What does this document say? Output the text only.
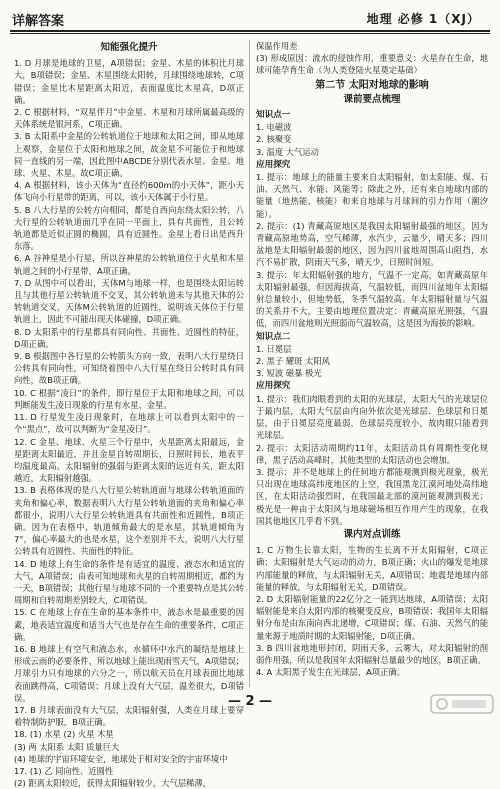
详解答案	地理 必修 1（XJ）
知能强化提升

1. D 月球是地球的卫星，A项错误；金星、木星的体积比月球大，B项错误；金星、木星围绕太阳转，月球围绕地球转，C项错误；金星比木星距离太阳近，表面温度比木星高，D项正确。

2. C 根据材料，“双星伴月”中金星、木星和月球所属最高级的天体系统是银河系，C项正确。

3. B 太阳系中金星的公转轨道位于地球和太阳之间，即从地球上观察，金星位于太阳和地球之间，故金星不可能位于和地球同一直线的另一端，因此图中ABCDE分别代表水星、金星、地球、火星、木星。故C项正确。

4. A 根据材料，该小天体为“直径约600m的小天体”，距小天体飞向小行星带的距离，可以，该小天体属于小行星。

5. B 八大行星的公转方向相同，都是自西向东绕太阳公转，八大行星的公转轨道面几乎在同一平面上，具有共面性，且公转轨道都是近似正圆的椭圆，具有近圆性。金星上看日出是西升东落。

6. A 谷神星是小行星，所以谷神星的公转轨道位于火星和木星轨道之间的小行星带，A项正确。

7. D 从图中可以看出，天体M与地球一样，也是围绕太阳运转且与其他行星公转轨道不交叉，其公转轨道未与其他天体的公转轨道交叉，天体M公转轨道的近圆性，说明该天体位于行星轨道上，因此不可能出现天体碰撞，D项正确。

8. D 太阳系中的行星都具有同向性、共面性、近圆性的特征，D项正确。

9. B 根据图中各行星的公转箭头方向一致，表明八大行星绕日公转具有同向性，可知绕着图中八大行星在绕日公转时具有同向性，故B项正确。

10. C 根据“凌日”的条件，即行星位于太阳和地球之间，可以判断能发生凌日现象的行星有水星、金星。

11. D 行星发生凌日现象时，在地球上可以看到太阳中的一个“黑点”，故可以判断为“金星凌日”。

12. C 金星、地球、火星三个行星中，火星距离太阳最远，金星距离太阳最近，并且金星自转周期长，日照时间长，地表平均温度最高。太阳辐射的强弱与距离太阳的远近有关，距太阳越近，太阳辐射越强。

13. B 表格体现的是八大行星公转轨道面与地球公转轨道面的夹角和偏心率，数据表明八大行星公转轨道面的夹角和偏心率都很小，说明八大行星公转轨道具有共面性和近圆性，B项正确。因为在表格中，轨道倾角最大的是水星，其轨道倾角为7°，偏心率最大的也是水星，这个差别并不大，说明八大行星公转具有近圆性、共面性的特征。

14. D 地球上有生命的条件是有适宜的温度、液态水和适宜的大气，A项错误；由表可知地球和火星的自转周期相近，都约为一天，B项错误；其他行星与地球不同的一个重要特点是其公转周期和自转周期差别较大，C项错误。

15. C 在地球上存在生命的基本条件中，液态水是最重要的因素，地表适宜温度和适当大气也是存在生命的重要条件，C项正确。

16. B 地球上有空气和液态水，水循环中水汽的凝结是地球上形成云雨的必要条件，所以地球上能出现雨雪天气，A项错误；月球引力只有地球的六分之一，所以航天员在月球表面比地球表面跳得高，C项错误；月球上没有大气层，温差很大，D项错误。

17. B 月球表面没有大气层，太阳辐射强，人类在月球上要穿着特制防护服，B项正确。

18. (1) 水星 (2) 火星 木星

(3) 两 太阳系 太阳 质量巨大

(4) 地球的宇宙环境安全，地球处于相对安全的宇宙环境中

17. (1) 乙 同向性、近圆性

(2) 距离太阳较近，获得太阳辐射较少，大气层稀薄，

保温作用差

(3) 形成原因：流水的侵蚀作用，重要意义：火星存在生命，地球可能孕育生命（为人类登陆火星奠定基础）

第二节 太阳对地球的影响
课前要点梳理
知识点一

1. 电磁波

2. 核聚变

3. 温度 大气运动

应用探究

1. 提示：地球上的能量主要来自太阳辐射，如太阳能、煤、石油、天然气、水能、风能等；除此之外，还有来自地球内部的能量（地热能、核能）和来自地球与月球间的引力作用（潮汐能）。

2. 提示：(1) 青藏高原地区是我国太阳辐射最强的地区，因为青藏高原地势高，空气稀薄，水汽少，云量少，晴天多；四川盆地是太阳辐射最弱的地区，因为四川盆地周围高山阻挡，水汽不易扩散，阴雨天气多，晴天少，日照时间短。

3. 提示：年太阳辐射强的地方，气温不一定高，如青藏高原年太阳辐射最强，但因海拔高，气温较低，而四川盆地年太阳辐射总量较小，但地势低，冬季气温较高。年太阳辐射量与气温的关系并不大，主要由地理位置决定：青藏高原光照强，气温低，而四川盆地则光照弱而气温较高，这是因为海拔的影响。

知识点二

1. 日冕层

2. 黑子 耀斑 太阳风

3. 短波 磁暴 极光

应用探究

1. 提示：我们肉眼看到的太阳的光球层，太阳大气的光球层位于最内层，太阳大气层由内向外依次是光球层、色球层和日冕层，由于日冕层亮度最弱，色球层亮度较小，故肉眼只能看到光球层。

2. 提示：太阳活动周期约11年，太阳活动具有周期性变化规律，黑子活动高峰时，其他类型的太阳活动也会增加。

3. 提示：并不是地球上的任何地方都能观测到极光现象，极光只出现在地球高纬度地区的上空，我国黑龙江漠河地处高纬地区，在太阳活动强烈时，在我国最北部的漠河能观测到极光；极光是一种由于太阳风与地球磁场相互作用产生的现象，在我国其他地区几乎看不到。

课内对点训练

1. C 万物生长靠太阳，生物的生长离不开太阳辐射，C项正确；太阳辐射是大气运动的动力，B项正确；火山的爆发是地球内部能量的释放，与太阳辐射无关，A项错误；地震是地球内部能量的释放，与太阳辐射无关，D项错误。

2. D 太阳辐射能量的22亿分之一能到达地球，A项错误；太阳辐射能是来自太阳内部的核聚变反应，B项错误；我国年太阳辐射分布是由东南向西北递增，C项错误；煤、石油、天然气的能量来源于地质时期的太阳辐射能，D项正确。

3. B 四川盆地地形封闭，阴雨天多，云雾大，对太阳辐射的削弱作用强，所以是我国年太阳辐射总量最少的地区，B项正确。

4. A 太阳黑子发生在光球层，A项正确。

— 2 —
